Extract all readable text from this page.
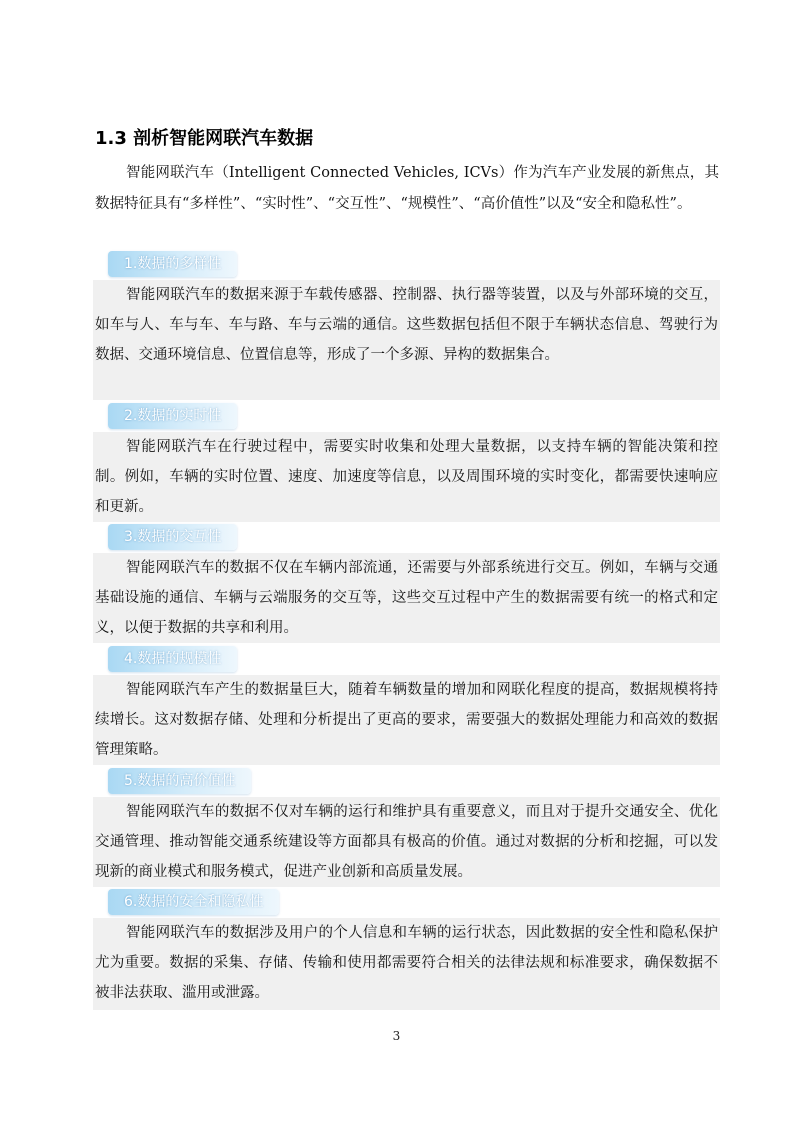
1.3 剖析智能网联汽车数据

智能网联汽车（Intelligent Connected Vehicles, ICVs）作为汽车产业发展的新焦点，其数据特征具有“多样性”、“实时性”、“交互性”、“规模性”、“高价值性”以及“安全和隐私性”。

1.数据的多样性

智能网联汽车的数据来源于车载传感器、控制器、执行器等装置，以及与外部环境的交互，如车与人、车与车、车与路、车与云端的通信。这些数据包括但不限于车辆状态信息、驾驶行为数据、交通环境信息、位置信息等，形成了一个多源、异构的数据集合。

2.数据的实时性

智能网联汽车在行驶过程中，需要实时收集和处理大量数据，以支持车辆的智能决策和控制。例如，车辆的实时位置、速度、加速度等信息，以及周围环境的实时变化，都需要快速响应和更新。

3.数据的交互性

智能网联汽车的数据不仅在车辆内部流通，还需要与外部系统进行交互。例如，车辆与交通基础设施的通信、车辆与云端服务的交互等，这些交互过程中产生的数据需要有统一的格式和定义，以便于数据的共享和利用。

4.数据的规模性

智能网联汽车产生的数据量巨大，随着车辆数量的增加和网联化程度的提高，数据规模将持续增长。这对数据存储、处理和分析提出了更高的要求，需要强大的数据处理能力和高效的数据管理策略。

5.数据的高价值性

智能网联汽车的数据不仅对车辆的运行和维护具有重要意义，而且对于提升交通安全、优化交通管理、推动智能交通系统建设等方面都具有极高的价值。通过对数据的分析和挖掘，可以发现新的商业模式和服务模式，促进产业创新和高质量发展。

6.数据的安全和隐私性

智能网联汽车的数据涉及用户的个人信息和车辆的运行状态，因此数据的安全性和隐私保护尤为重要。数据的采集、存储、传输和使用都需要符合相关的法律法规和标准要求，确保数据不被非法获取、滥用或泄露。

3
